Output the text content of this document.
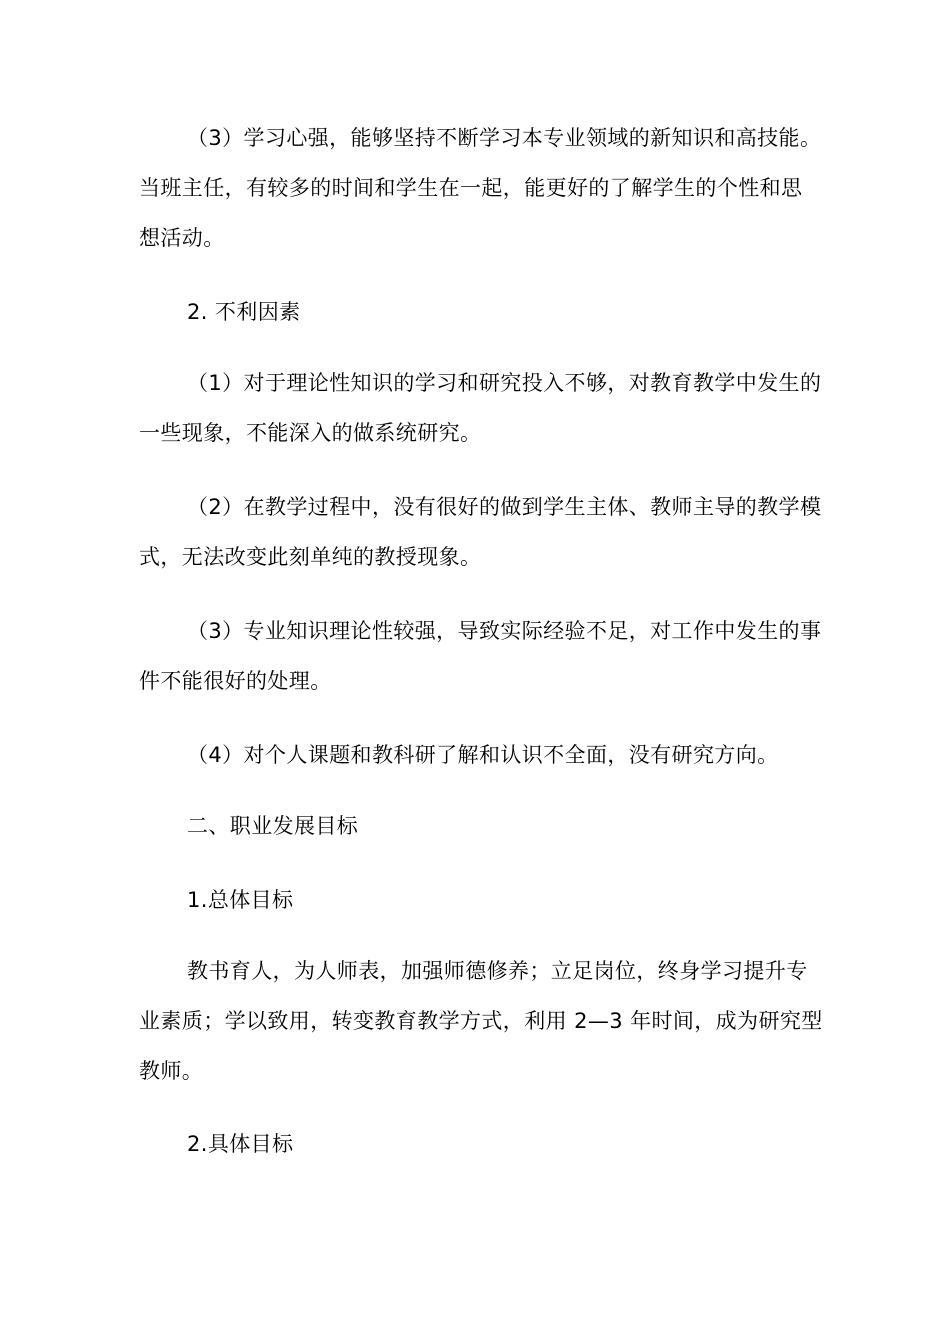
（3）学习心强，能够坚持不断学习本专业领域的新知识和高技能。当班主任，有较多的时间和学生在一起，能更好的了解学生的个性和思想活动。

2. 不利因素

（1）对于理论性知识的学习和研究投入不够，对教育教学中发生的一些现象，不能深入的做系统研究。

（2）在教学过程中，没有很好的做到学生主体、教师主导的教学模式，无法改变此刻单纯的教授现象。

（3）专业知识理论性较强，导致实际经验不足，对工作中发生的事件不能很好的处理。

（4）对个人课题和教科研了解和认识不全面，没有研究方向。

二、职业发展目标

1.总体目标

教书育人，为人师表，加强师德修养；立足岗位，终身学习提升专业素质；学以致用，转变教育教学方式，利用 2—3 年时间，成为研究型教师。

2.具体目标
